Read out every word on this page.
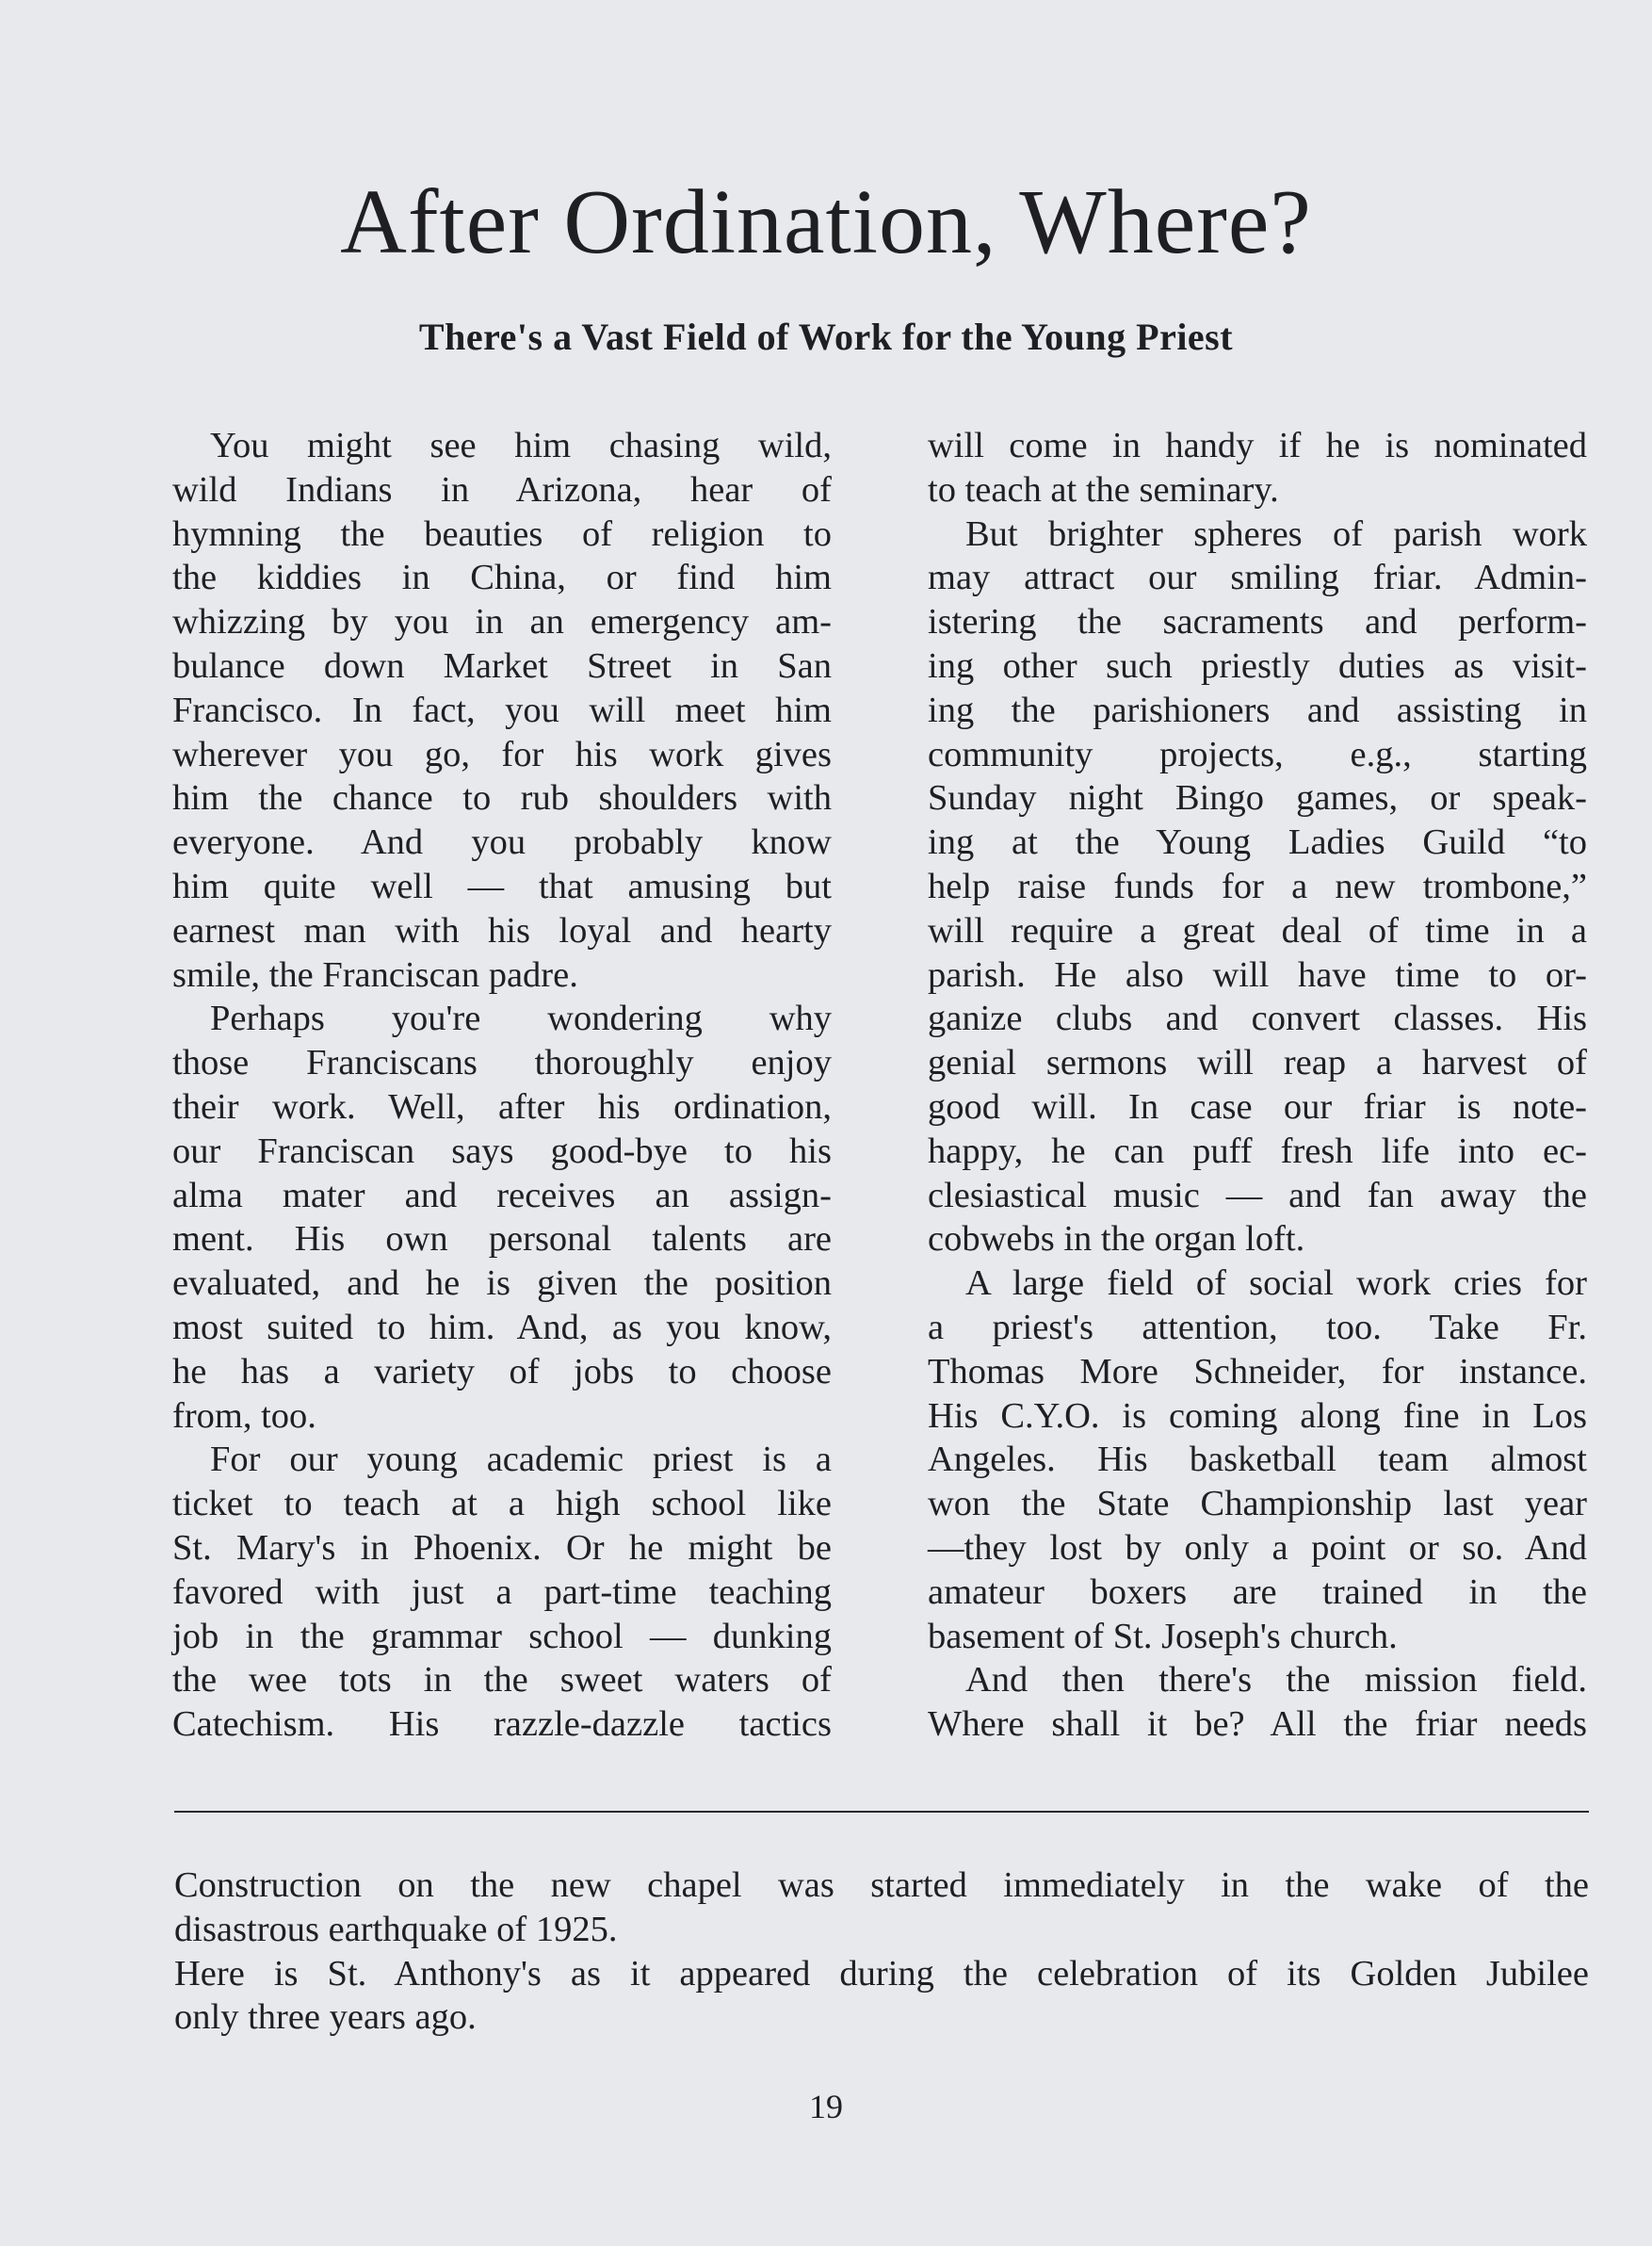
After Ordination, Where?
There's a Vast Field of Work for the Young Priest
You might see him chasing wild,
wild Indians in Arizona, hear of
hymning the beauties of religion to
the kiddies in China, or find him
whizzing by you in an emergency am-
bulance down Market Street in San
Francisco. In fact, you will meet him
wherever you go, for his work gives
him the chance to rub shoulders with
everyone. And you probably know
him quite well — that amusing but
earnest man with his loyal and hearty
smile, the Franciscan padre.
Perhaps you're wondering why
those Franciscans thoroughly enjoy
their work. Well, after his ordination,
our Franciscan says good-bye to his
alma mater and receives an assign-
ment. His own personal talents are
evaluated, and he is given the position
most suited to him. And, as you know,
he has a variety of jobs to choose
from, too.
For our young academic priest is a
ticket to teach at a high school like
St. Mary's in Phoenix. Or he might be
favored with just a part-time teaching
job in the grammar school — dunking
the wee tots in the sweet waters of
Catechism. His razzle-dazzle tactics
will come in handy if he is nominated
to teach at the seminary.
But brighter spheres of parish work
may attract our smiling friar. Admin-
istering the sacraments and perform-
ing other such priestly duties as visit-
ing the parishioners and assisting in
community projects, e.g., starting
Sunday night Bingo games, or speak-
ing at the Young Ladies Guild “to
help raise funds for a new trombone,”
will require a great deal of time in a
parish. He also will have time to or-
ganize clubs and convert classes. His
genial sermons will reap a harvest of
good will. In case our friar is note-
happy, he can puff fresh life into ec-
clesiastical music — and fan away the
cobwebs in the organ loft.
A large field of social work cries for
a priest's attention, too. Take Fr.
Thomas More Schneider, for instance.
His C.Y.O. is coming along fine in Los
Angeles. His basketball team almost
won the State Championship last year
—they lost by only a point or so. And
amateur boxers are trained in the
basement of St. Joseph's church.
And then there's the mission field.
Where shall it be? All the friar needs
Construction on the new chapel was started immediately in the wake of the
disastrous earthquake of 1925.
Here is St. Anthony's as it appeared during the celebration of its Golden Jubilee
only three years ago.
19
